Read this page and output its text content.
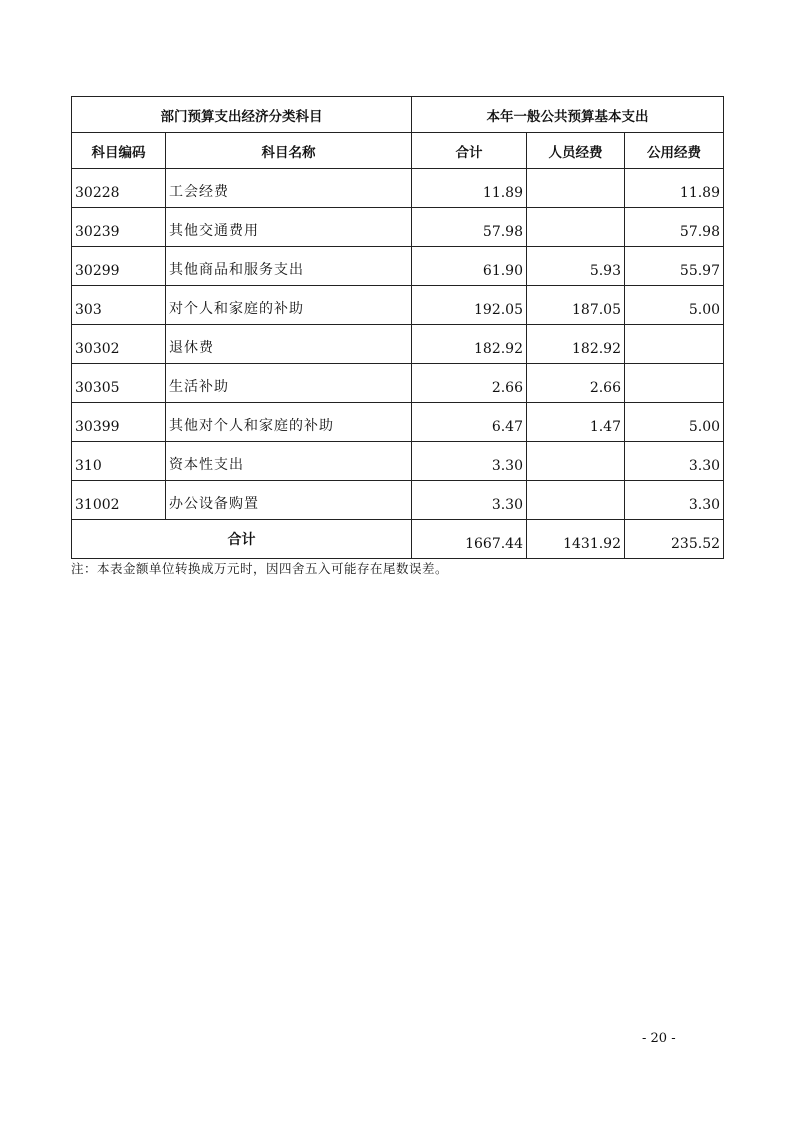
部门预算支出经济分类科目		本年一般公共预算基本支出		
科目编码	科目名称	合计	人员经费	公用经费
30228	工会经费	11.89		11.89
30239	其他交通费用	57.98		57.98
30299	其他商品和服务支出	61.90	5.93	55.97
303	对个人和家庭的补助	192.05	187.05	5.00
30302	退休费	182.92	182.92	
30305	生活补助	2.66	2.66	
30399	其他对个人和家庭的补助	6.47	1.47	5.00
310	资本性支出	3.30		3.30
31002	办公设备购置	3.30		3.30
合计		1667.44	1431.92	235.52
注：本表金额单位转换成万元时，因四舍五入可能存在尾数误差。
- 20 -
